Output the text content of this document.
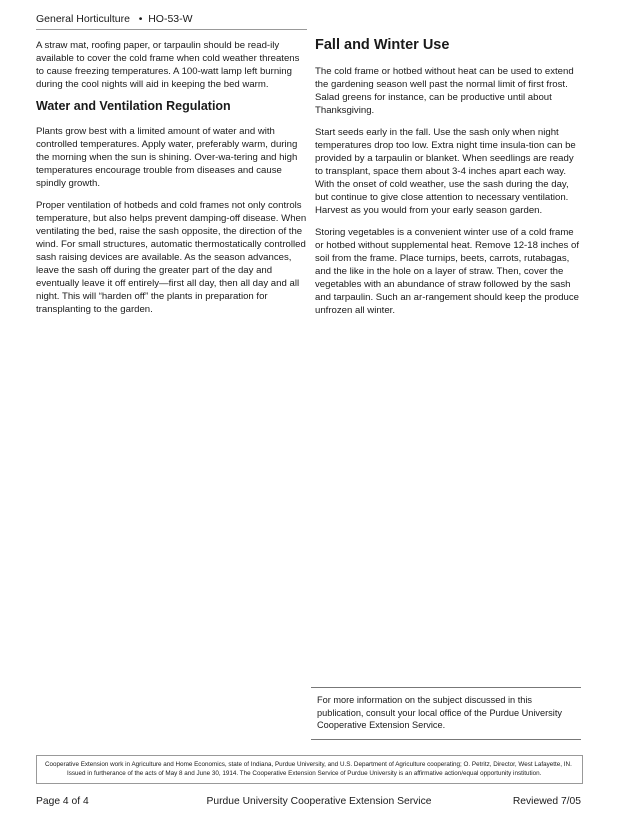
General Horticulture   •  HO-53-W

A straw mat, roofing paper, or tarpaulin should be read-ily available to cover the cold frame when cold weather threatens to cause freezing temperatures. A 100-watt lamp left burning during the cool nights will aid in keeping the bed warm.

Water and Ventilation Regulation

Plants grow best with a limited amount of water and with controlled temperatures. Apply water, preferably warm, during the morning when the sun is shining. Over-wa-tering and high temperatures encourage trouble from diseases and cause spindly growth.

Proper ventilation of hotbeds and cold frames not only controls temperature, but also helps prevent damping-off disease. When ventilating the bed, raise the sash opposite, the direction of the wind. For small structures, automatic thermostatically controlled sash raising devices are available. As the season advances, leave the sash off during the greater part of the day and eventually leave it off entirely—first all day, then all day and all night. This will “harden off” the plants in preparation for transplanting to the garden.

Fall and Winter Use

The cold frame or hotbed without heat can be used to extend the gardening season well past the normal limit of first frost. Salad greens for instance, can be productive until about Thanksgiving.

Start seeds early in the fall. Use the sash only when night temperatures drop too low. Extra night time insula-tion can be provided by a tarpaulin or blanket. When seedlings are ready to transplant, space them about 3-4 inches apart each way. With the onset of cold weather, use the sash during the day, but continue to give close attention to necessary ventilation. Harvest as you would from your early season garden.

Storing vegetables is a convenient winter use of a cold frame or hotbed without supplemental heat. Remove 12-18 inches of soil from the frame. Place turnips, beets, carrots, rutabagas, and the like in the hole on a layer of straw. Then, cover the vegetables with an abundance of straw followed by the sash and tarpaulin. Such an ar-rangement should keep the produce unfrozen all winter.

For more information on the subject discussed in this publication, consult your local office of the Purdue University Cooperative Extension Service.
Cooperative Extension work in Agriculture and Home Economics, state of Indiana, Purdue University, and U.S. Department of Agriculture cooperating; O. Petritz, Director, West Lafayette, IN.
Issued in furtherance of the acts of May 8 and June 30, 1914. The Cooperative Extension Service of Purdue University is an affirmative action/equal opportunity institution.
Purdue University Cooperative Extension Service
Page 4 of 4	Reviewed 7/05
